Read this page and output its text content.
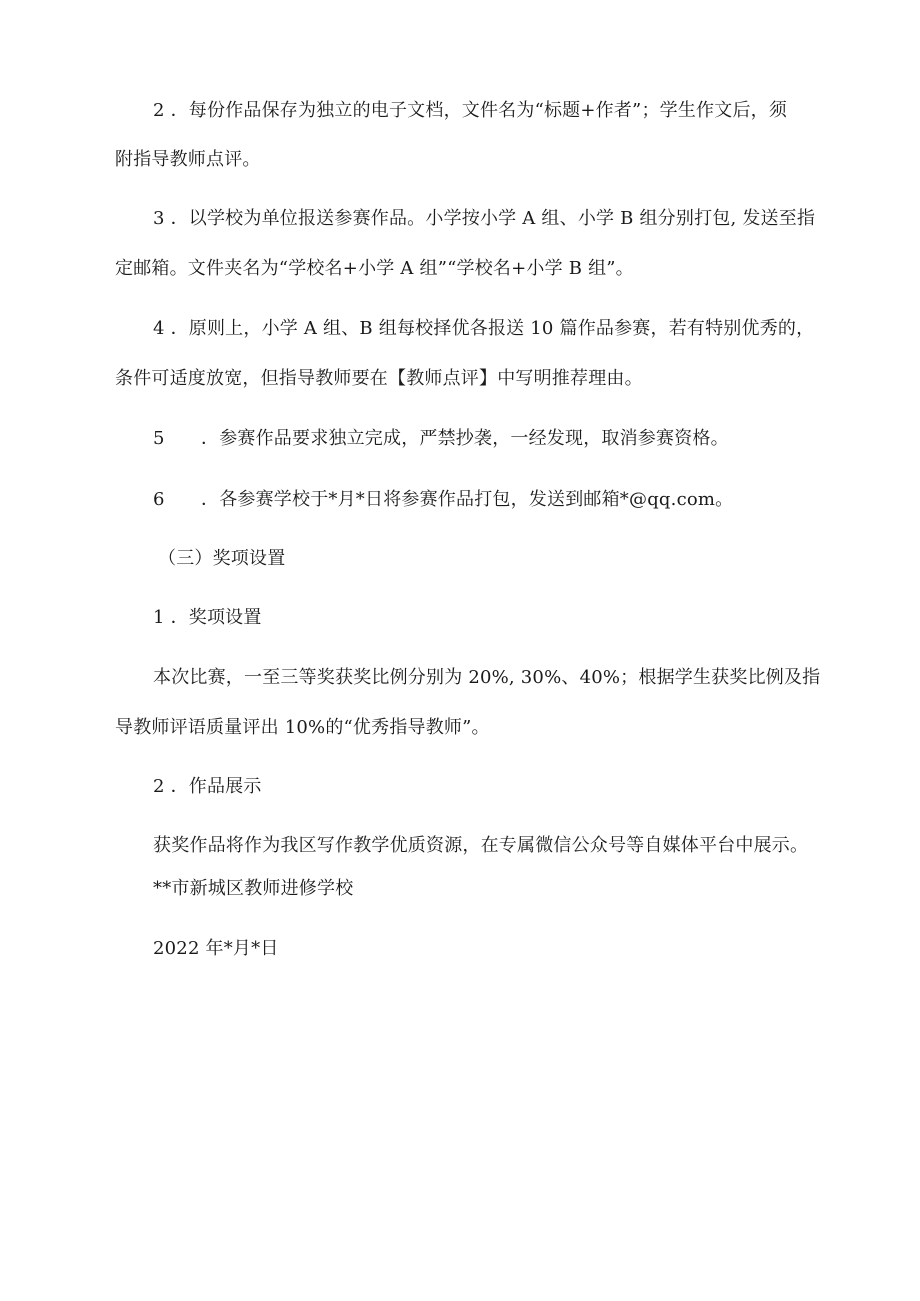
2 ．每份作品保存为独立的电子文档，文件名为“标题+作者”；学生作文后，须
附指导教师点评。
3 ．以学校为单位报送参赛作品。小学按小学 A 组、小学 B 组分别打包, 发送至指
定邮箱。文件夹名为“学校名+小学 A 组”“学校名+小学 B 组”。
4 ．原则上，小学 A 组、B 组每校择优各报送 10 篇作品参赛，若有特别优秀的，
条件可适度放宽，但指导教师要在【教师点评】中写明推荐理由。
5 ．参赛作品要求独立完成，严禁抄袭，一经发现，取消参赛资格。
6 ．各参赛学校于*月*日将参赛作品打包，发送到邮箱*@qq.com。
（三）奖项设置
1 ．奖项设置
本次比赛，一至三等奖获奖比例分别为 20%, 30%、40%；根据学生获奖比例及指
导教师评语质量评出 10%的“优秀指导教师”。
2 ．作品展示
获奖作品将作为我区写作教学优质资源，在专属微信公众号等自媒体平台中展示。
**市新城区教师进修学校
2022 年*月*日
